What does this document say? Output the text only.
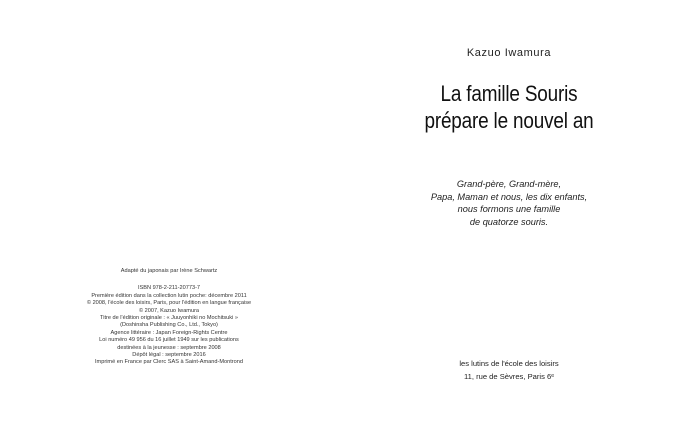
Adapté du japonais par Irène Schwartz
ISBN 978-2-211-20773-7
Première édition dans la collection lutin poche: décembre 2011
© 2008, l'école des loisirs, Paris, pour l'édition en langue française
© 2007, Kazuo Iwamura
Titre de l'édition originale : « Juuyonhiki no Mochitsuki »
(Doshinsha Publishing Co., Ltd., Tokyo)
Agence littéraire : Japan Foreign-Rights Centre
Loi numéro 49 956 du 16 juillet 1949 sur les publications
destinées à la jeunesse : septembre 2008
Dépôt légal : septembre 2016
Imprimé en France par Clerc SAS à Saint-Amand-Montrond
Kazuo Iwamura
La famille Souris
prépare le nouvel an
Grand-père, Grand-mère,
Papa, Maman et nous, les dix enfants,
nous formons une famille
de quatorze souris.
les lutins de l'école des loisirs
11, rue de Sèvres, Paris 6ᵉ
